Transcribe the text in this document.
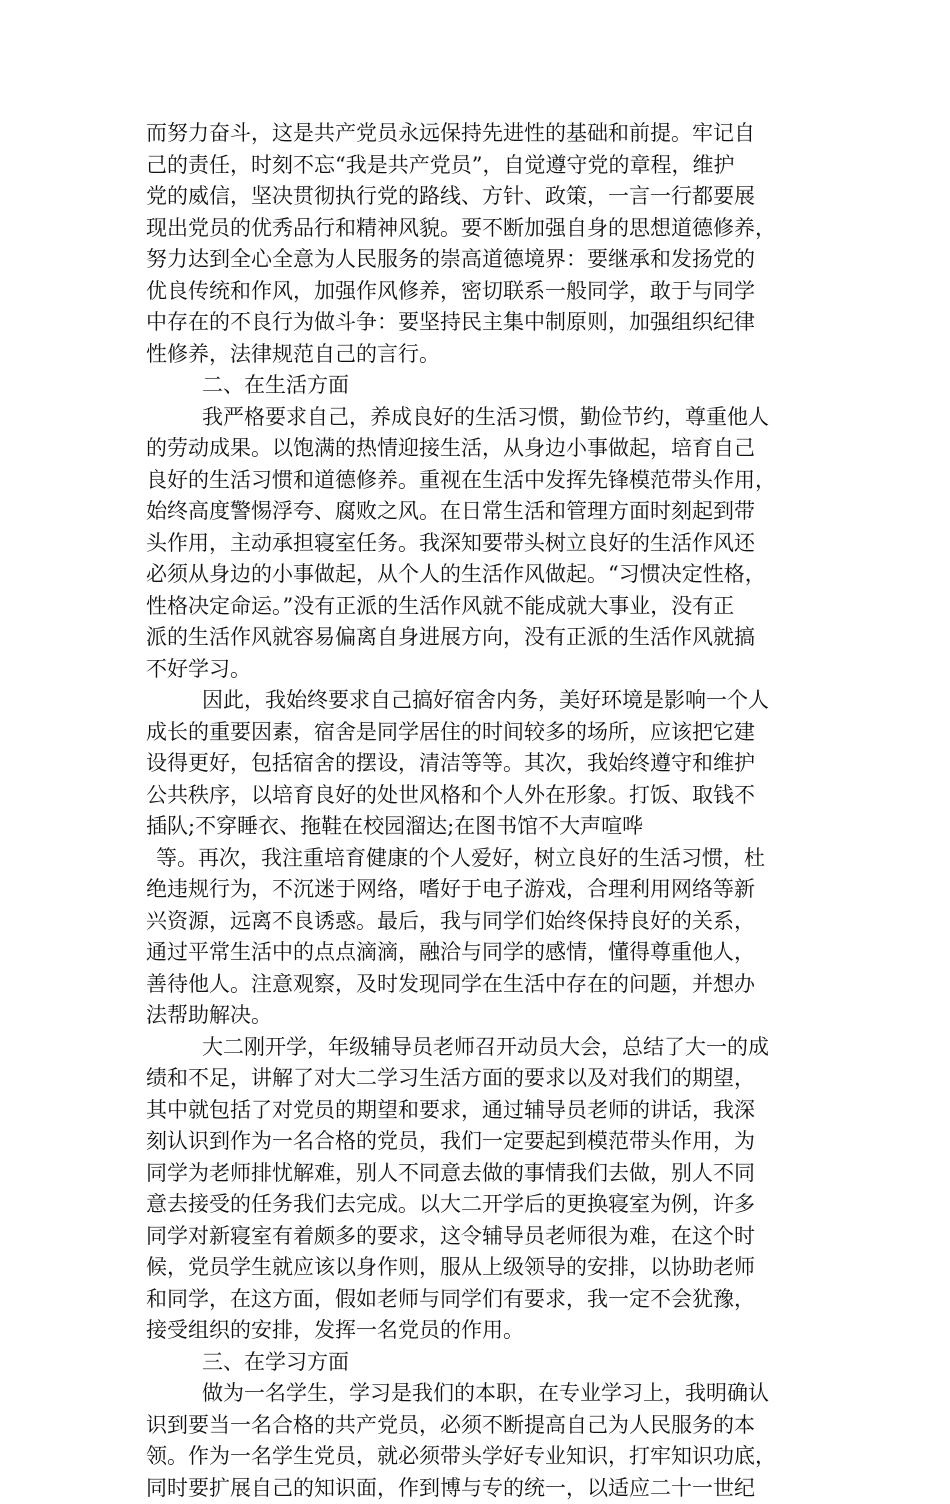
而努力奋斗，这是共产党员永远保持先进性的基础和前提。牢记自
己的责任，时刻不忘“我是共产党员”，自觉遵守党的章程，维护
党的威信，坚决贯彻执行党的路线、方针、政策，一言一行都要展
现出党员的优秀品行和精神风貌。要不断加强自身的思想道德修养，
努力达到全心全意为人民服务的崇高道德境界：要继承和发扬党的
优良传统和作风，加强作风修养，密切联系一般同学，敢于与同学
中存在的不良行为做斗争：要坚持民主集中制原则，加强组织纪律
性修养，法律规范自己的言行。
二、在生活方面
我严格要求自己，养成良好的生活习惯，勤俭节约，尊重他人
的劳动成果。以饱满的热情迎接生活，从身边小事做起，培育自己
良好的生活习惯和道德修养。重视在生活中发挥先锋模范带头作用，
始终高度警惕浮夸、腐败之风。在日常生活和管理方面时刻起到带
头作用，主动承担寝室任务。我深知要带头树立良好的生活作风还
必须从身边的小事做起，从个人的生活作风做起。“习惯决定性格，
性格决定命运。”没有正派的生活作风就不能成就大事业，没有正
派的生活作风就容易偏离自身进展方向，没有正派的生活作风就搞
不好学习。
因此，我始终要求自己搞好宿舍内务，美好环境是影响一个人
成长的重要因素，宿舍是同学居住的时间较多的场所，应该把它建
设得更好，包括宿舍的摆设，清洁等等。其次，我始终遵守和维护
公共秩序，以培育良好的处世风格和个人外在形象。打饭、取钱不
插队;不穿睡衣、拖鞋在校园溜达;在图书馆不大声喧哗
等。再次，我注重培育健康的个人爱好，树立良好的生活习惯，杜
绝违规行为，不沉迷于网络，嗜好于电子游戏，合理利用网络等新
兴资源，远离不良诱惑。最后，我与同学们始终保持良好的关系，
通过平常生活中的点点滴滴，融洽与同学的感情，懂得尊重他人，
善待他人。注意观察，及时发现同学在生活中存在的问题，并想办
法帮助解决。
大二刚开学，年级辅导员老师召开动员大会，总结了大一的成
绩和不足，讲解了对大二学习生活方面的要求以及对我们的期望，
其中就包括了对党员的期望和要求，通过辅导员老师的讲话，我深
刻认识到作为一名合格的党员，我们一定要起到模范带头作用，为
同学为老师排忧解难，别人不同意去做的事情我们去做，别人不同
意去接受的任务我们去完成。以大二开学后的更换寝室为例，许多
同学对新寝室有着颇多的要求，这令辅导员老师很为难，在这个时
候，党员学生就应该以身作则，服从上级领导的安排，以协助老师
和同学，在这方面，假如老师与同学们有要求，我一定不会犹豫，
接受组织的安排，发挥一名党员的作用。
三、在学习方面
做为一名学生，学习是我们的本职，在专业学习上，我明确认
识到要当一名合格的共产党员，必须不断提高自己为人民服务的本
领。作为一名学生党员，就必须带头学好专业知识，打牢知识功底，
同时要扩展自己的知识面，作到博与专的统一，以适应二十一世纪
